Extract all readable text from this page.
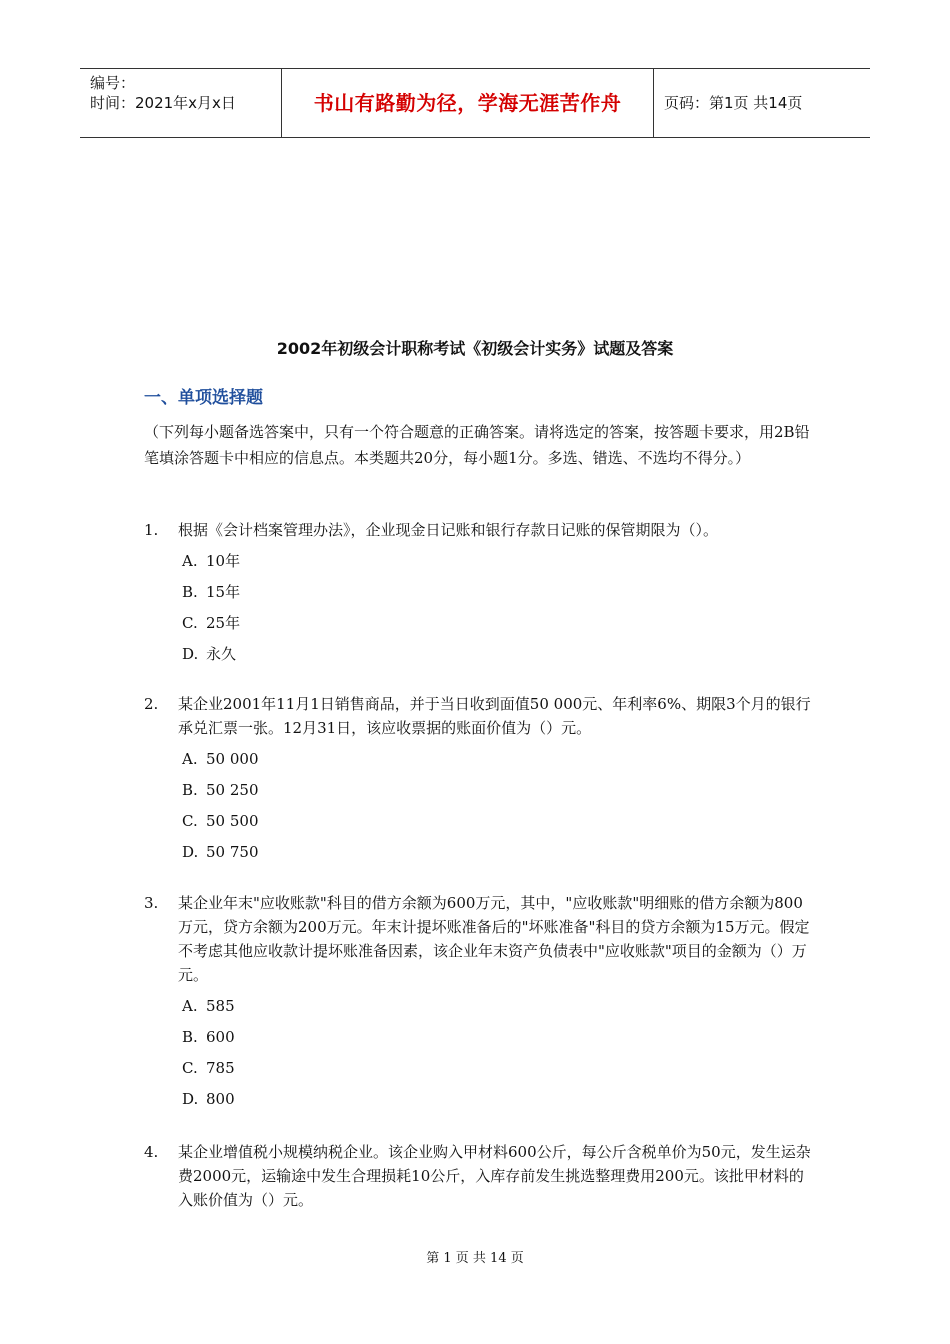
编号：
时间：2021年x月x日	书山有路勤为径，学海无涯苦作舟	页码：第1页 共14页
2002年初级会计职称考试《初级会计实务》试题及答案
一、单项选择题
（下列每小题备选答案中，只有一个符合题意的正确答案。请将选定的答案，按答题卡要求，用2B铅笔填涂答题卡中相应的信息点。本类题共20分，每小题1分。多选、错选、不选均不得分。）
1. 根据《会计档案管理办法》，企业现金日记账和银行存款日记账的保管期限为（）。
A. 10年
B. 15年
C. 25年
D. 永久
2. 某企业2001年11月1日销售商品，并于当日收到面值50 000元、年利率6%、期限3个月的银行承兑汇票一张。12月31日，该应收票据的账面价值为（）元。
A. 50 000
B. 50 250
C. 50 500
D. 50 750
3. 某企业年末"应收账款"科目的借方余额为600万元，其中，"应收账款"明细账的借方余额为800万元，贷方余额为200万元。年末计提坏账准备后的"坏账准备"科目的贷方余额为15万元。假定不考虑其他应收款计提坏账准备因素，该企业年末资产负债表中"应收账款"项目的金额为（）万元。
A. 585
B. 600
C. 785
D. 800
4. 某企业增值税小规模纳税企业。该企业购入甲材料600公斤，每公斤含税单价为50元，发生运杂费2000元，运输途中发生合理损耗10公斤，入库存前发生挑选整理费用200元。该批甲材料的入账价值为（）元。
第 1 页 共 14 页
